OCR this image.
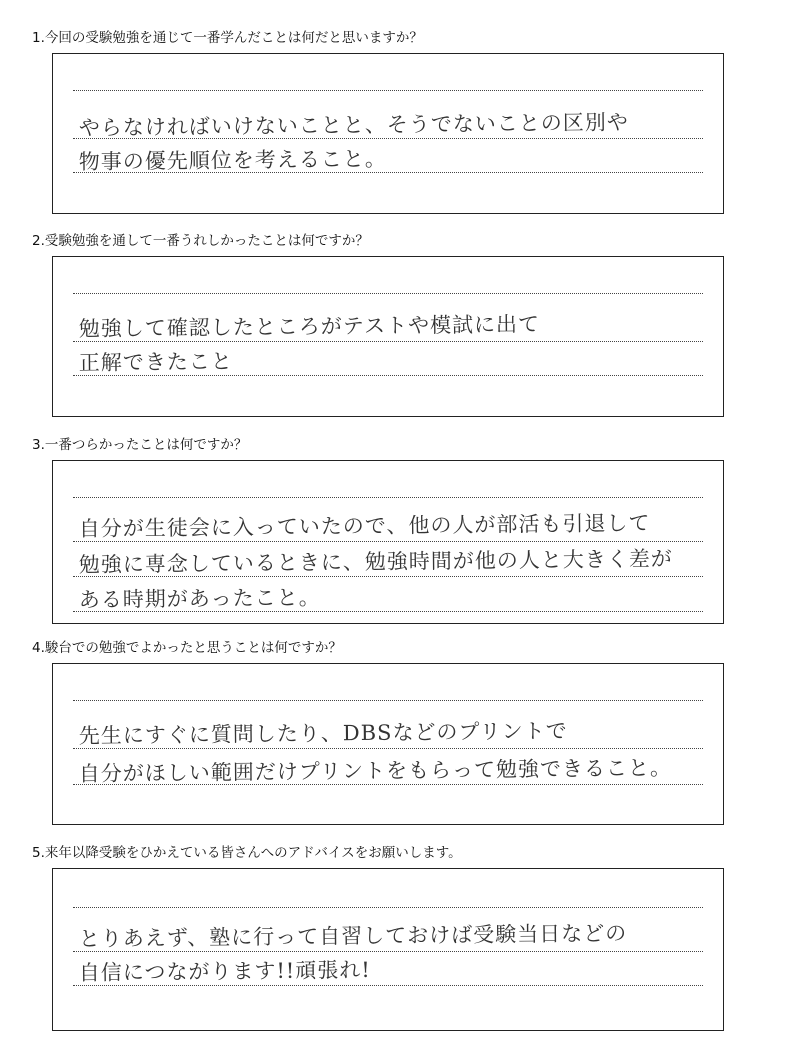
1.今回の受験勉強を通じて一番学んだことは何だと思いますか？
やらなければいけないことと、そうでないことの区別や
物事の優先順位を考えること。
2.受験勉強を通して一番うれしかったことは何ですか？
勉強して確認したところがテストや模試に出て
正解できたこと
3.一番つらかったことは何ですか？
自分が生徒会に入っていたので、他の人が部活も引退して
勉強に専念しているときに、勉強時間が他の人と大きく差が
ある時期があったこと。
4.駿台での勉強でよかったと思うことは何ですか？
先生にすぐに質問したり、DBSなどのプリントで
自分がほしい範囲だけプリントをもらって勉強できること。
5.来年以降受験をひかえている皆さんへのアドバイスをお願いします。
とりあえず、塾に行って自習しておけば受験当日などの
自信につながります!!頑張れ!
